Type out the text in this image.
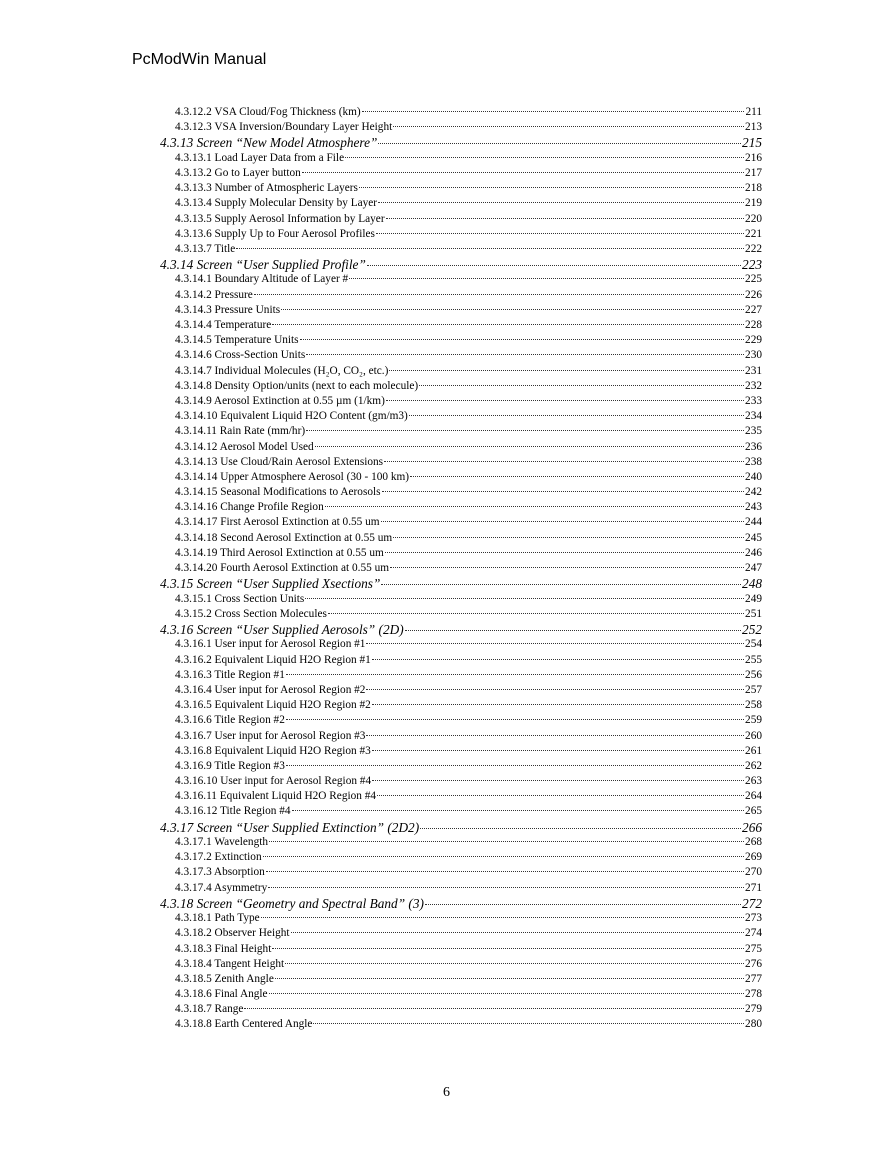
PcModWin Manual
4.3.12.2 VSA Cloud/Fog Thickness (km)	211
4.3.12.3 VSA Inversion/Boundary Layer Height	213
4.3.13 Screen “New Model Atmosphere”	215
4.3.13.1 Load Layer Data from a File	216
4.3.13.2 Go to Layer button	217
4.3.13.3 Number of Atmospheric Layers	218
4.3.13.4 Supply Molecular Density by Layer	219
4.3.13.5 Supply Aerosol Information by Layer	220
4.3.13.6 Supply Up to Four Aerosol Profiles	221
4.3.13.7 Title	222
4.3.14 Screen “User Supplied Profile”	223
4.3.14.1 Boundary Altitude of Layer #	225
4.3.14.2 Pressure	226
4.3.14.3 Pressure Units	227
4.3.14.4 Temperature	228
4.3.14.5 Temperature Units	229
4.3.14.6 Cross-Section Units	230
4.3.14.7 Individual Molecules (H₂O, CO₂, etc.)	231
4.3.14.8 Density Option/units (next to each molecule)	232
4.3.14.9 Aerosol Extinction at 0.55 µm (1/km)	233
4.3.14.10 Equivalent Liquid H2O Content (gm/m3)	234
4.3.14.11 Rain Rate (mm/hr)	235
4.3.14.12 Aerosol Model Used	236
4.3.14.13 Use Cloud/Rain Aerosol Extensions	238
4.3.14.14 Upper Atmosphere Aerosol (30 - 100 km)	240
4.3.14.15 Seasonal Modifications to Aerosols	242
4.3.14.16 Change Profile Region	243
4.3.14.17 First Aerosol Extinction at 0.55 um	244
4.3.14.18 Second Aerosol Extinction at 0.55 um	245
4.3.14.19 Third Aerosol Extinction at 0.55 um	246
4.3.14.20 Fourth Aerosol Extinction at 0.55 um	247
4.3.15 Screen “User Supplied Xsections”	248
4.3.15.1 Cross Section Units	249
4.3.15.2 Cross Section Molecules	251
4.3.16 Screen “User Supplied Aerosols” (2D)	252
4.3.16.1 User input for Aerosol Region #1	254
4.3.16.2 Equivalent Liquid H2O Region #1	255
4.3.16.3 Title Region #1	256
4.3.16.4 User input for Aerosol Region #2	257
4.3.16.5 Equivalent Liquid H2O Region #2	258
4.3.16.6 Title Region #2	259
4.3.16.7 User input for Aerosol Region #3	260
4.3.16.8 Equivalent Liquid H2O Region #3	261
4.3.16.9 Title Region #3	262
4.3.16.10 User input for Aerosol Region #4	263
4.3.16.11 Equivalent Liquid H2O Region #4	264
4.3.16.12 Title Region #4	265
4.3.17 Screen “User Supplied Extinction” (2D2)	266
4.3.17.1 Wavelength	268
4.3.17.2 Extinction	269
4.3.17.3 Absorption	270
4.3.17.4 Asymmetry	271
4.3.18 Screen “Geometry and Spectral Band” (3)	272
4.3.18.1 Path Type	273
4.3.18.2 Observer Height	274
4.3.18.3 Final Height	275
4.3.18.4 Tangent Height	276
4.3.18.5 Zenith Angle	277
4.3.18.6 Final Angle	278
4.3.18.7 Range	279
4.3.18.8 Earth Centered Angle	280
6
